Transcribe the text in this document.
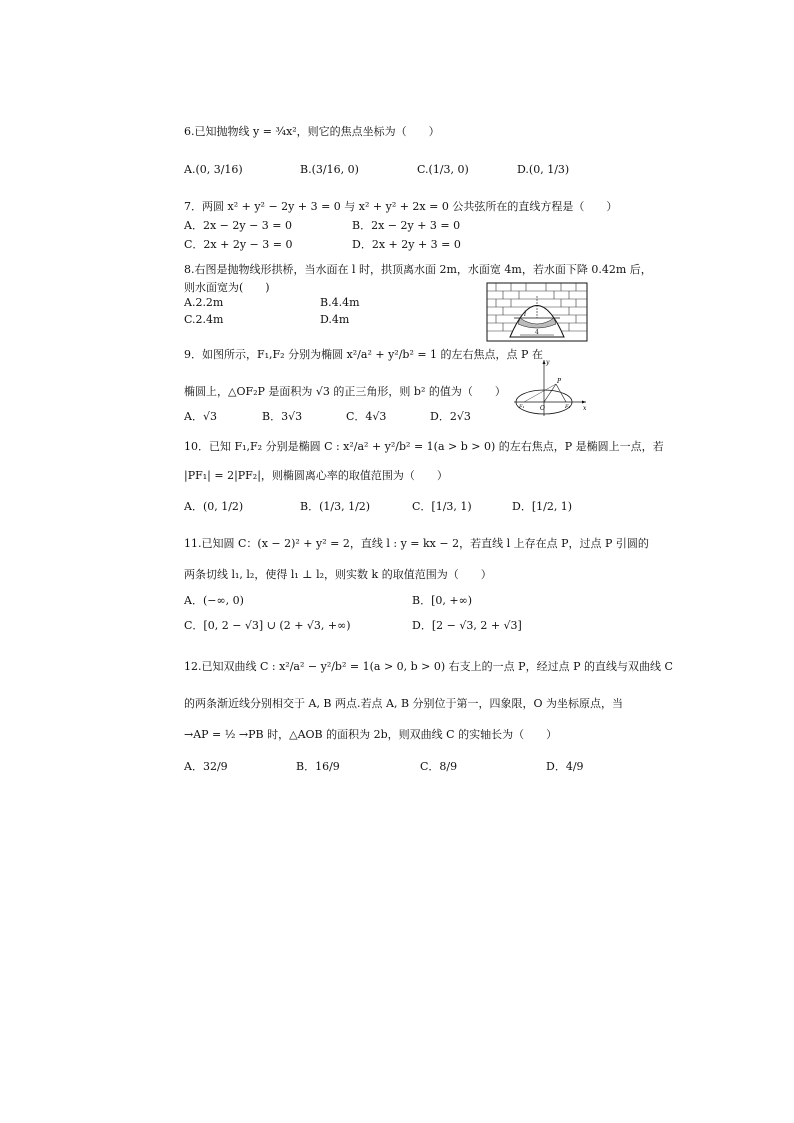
6.已知抛物线 y = ³⁄₄x²，则它的焦点坐标为（　　）
A.(0, 3/16)	B.(3/16, 0)	C.(1/3, 0)	D.(0, 1/3)
7．两圆 x² + y² − 2y + 3 = 0 与 x² + y² + 2x = 0 公共弦所在的直线方程是（　　）
A．2x − 2y − 3 = 0	B．2x − 2y + 3 = 0
C．2x + 2y − 3 = 0	D．2x + 2y + 3 = 0
8.右图是抛物线形拱桥，当水面在 l 时，拱顶离水面 2m，水面宽 4m，若水面下降 0.42m 后，
则水面宽为(　　)
A.2.2m	B.4.4m
C.2.4m	D.4m	l
4
9．如图所示，F₁,F₂ 分别为椭圆 x²/a² + y²/b² = 1 的左右焦点，点 P 在
椭圆上，△OF₂P 是面积为 √3 的正三角形，则 b² 的值为（　　）
A．√3	B．3√3	C．4√3	D．2√3
y
x
P
O
F₁	F₂
10．已知 F₁,F₂ 分别是椭圆 C : x²/a² + y²/b² = 1(a > b > 0) 的左右焦点，P 是椭圆上一点，若
|PF₁| = 2|PF₂|，则椭圆离心率的取值范围为（　　）
A．(0, 1/2)	B．(1/3, 1/2)	C．[1/3, 1)	D．[1/2, 1)
11.已知圆 C：(x − 2)² + y² = 2，直线 l : y = kx − 2，若直线 l 上存在点 P，过点 P 引圆的
两条切线 l₁, l₂，使得 l₁ ⊥ l₂，则实数 k 的取值范围为（　　）
A．(−∞, 0)	B．[0, +∞)
C．[0, 2 − √3] ∪ (2 + √3, +∞)	D．[2 − √3, 2 + √3]
12.已知双曲线 C : x²/a² − y²/b² = 1(a > 0, b > 0) 右支上的一点 P，经过点 P 的直线与双曲线 C
的两条渐近线分别相交于 A, B 两点.若点 A, B 分别位于第一，四象限，O 为坐标原点，当
→AP = ½ →PB 时，△AOB 的面积为 2b，则双曲线 C 的实轴长为（　　）
A．32/9	B．16/9	C．8/9	D．4/9
